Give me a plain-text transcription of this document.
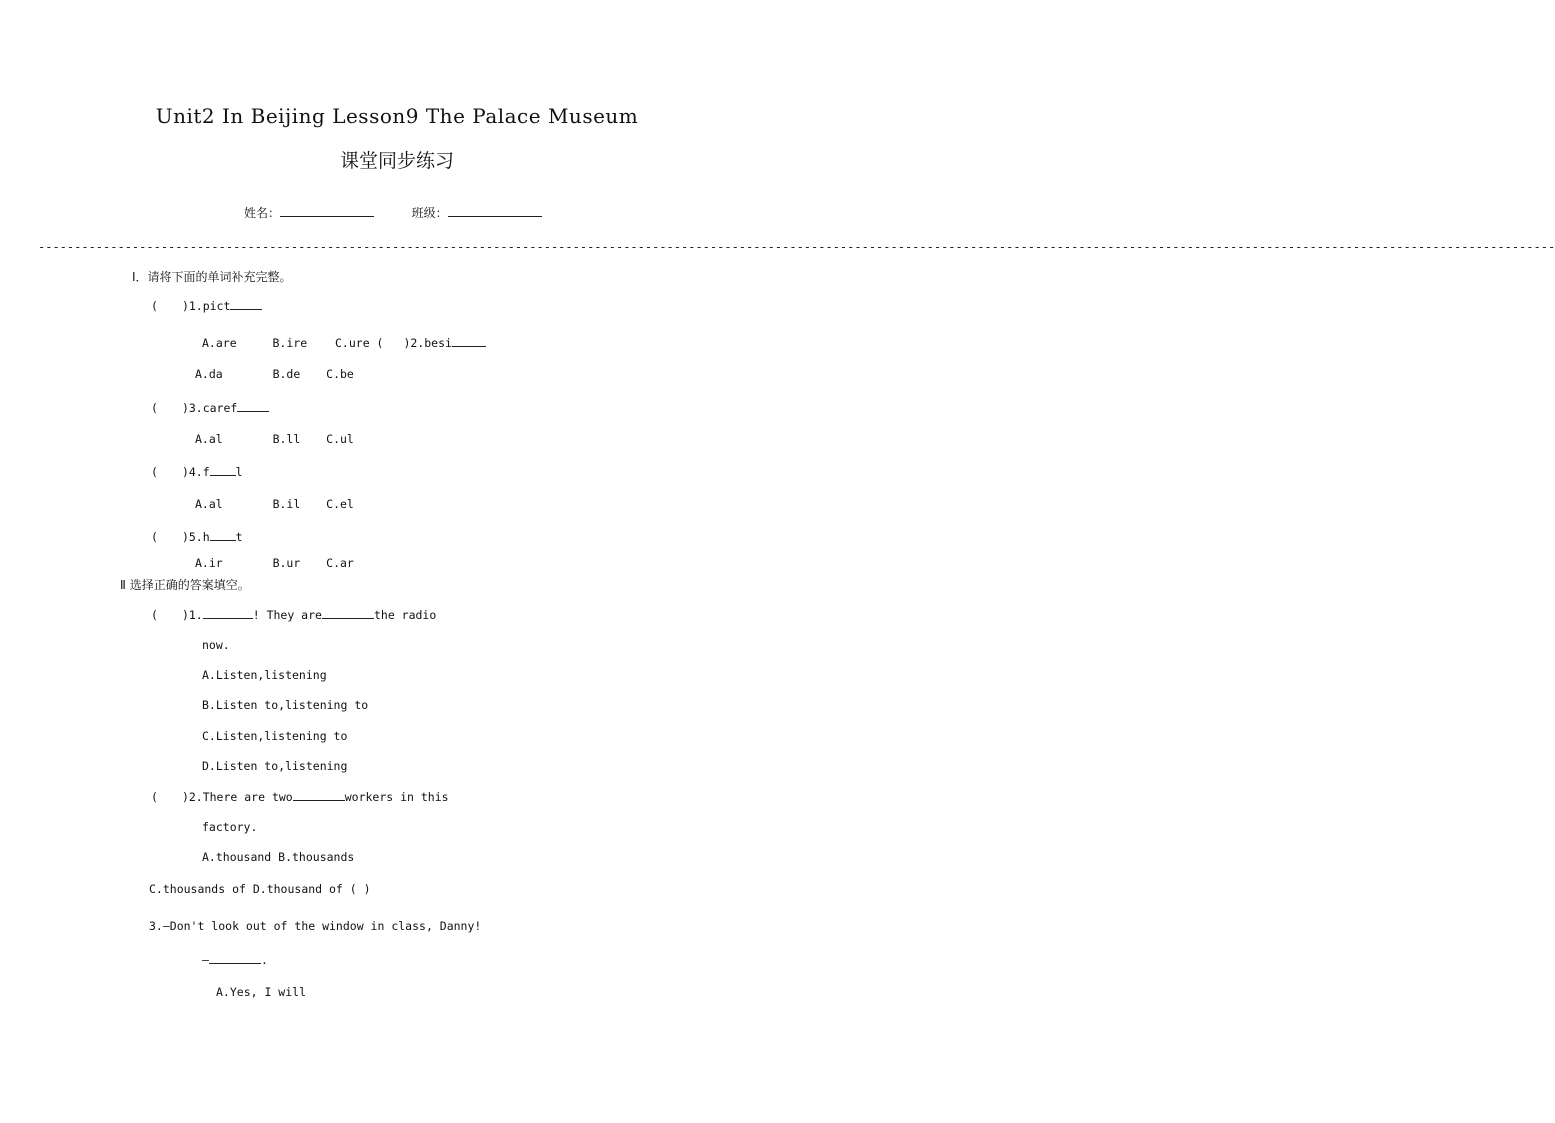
Unit2 In Beijing Lesson9 The Palace Museum
课堂同步练习
姓名：	班级：
------------------------------------------------------------------------------------------------------------------------------------------------------------------------------------------------------------------
Ⅰ．请将下面的单词补充完整。
( )1.pict
A.are	B.ire C.ure ( )2.besi
A.da	B.de C.be
( )3.caref
A.al	B.ll C.ul
( )4.f l
A.al	B.il C.el
( )5.h t
A.ir	B.ur C.ar
Ⅱ 选择正确的答案填空。
( )1.	! They are	the radio
now.
A.Listen,listening
B.Listen to,listening to
C.Listen,listening to
D.Listen to,listening
( )2.There are two	workers in this
factory.
A.thousand B.thousands
C.thousands of D.thousand of ( )
3.—Don't look out of the window in class, Danny!
—	.
A.Yes, I will
